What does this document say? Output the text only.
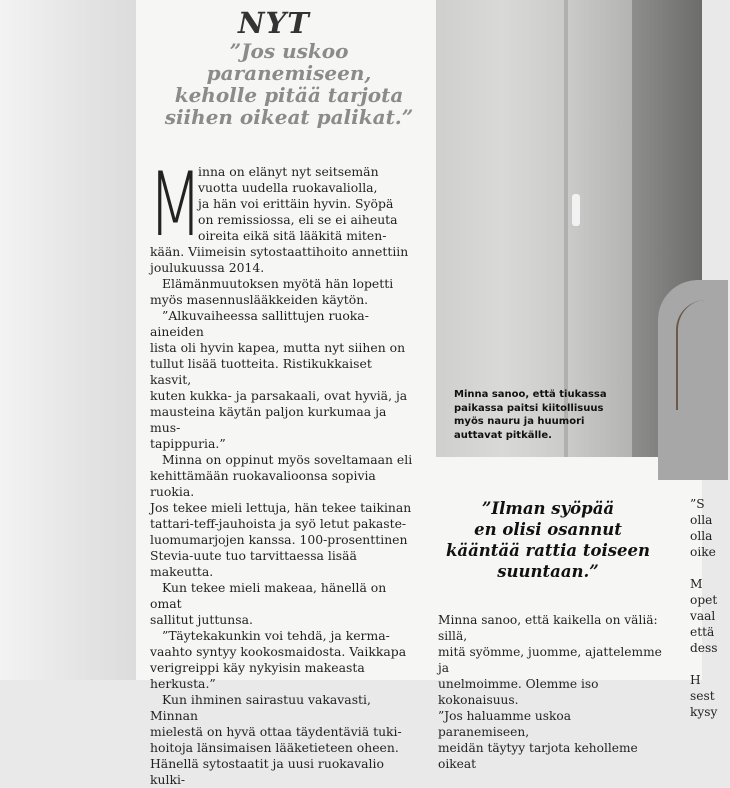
NYT
”Jos uskoo
paranemiseen,
keholle pitää tarjota
siihen oikeat palikat.”

M
inna on elänyt nyt seitsemän
vuotta uudella ruokavaliolla,
ja hän voi erittäin hyvin. Syöpä
on remissiossa, eli se ei aiheuta
oireita eikä sitä lääkitä miten-
kään. Viimeisin sytostaattihoito annettiin
joulukuussa 2014.

Elämänmuutoksen myötä hän lopetti
myös masennuslääkkeiden käytön.

”Alkuvaiheessa sallittujen ruoka-aineiden
lista oli hyvin kapea, mutta nyt siihen on
tullut lisää tuotteita. Ristikukkaiset kasvit,
kuten kukka- ja parsakaali, ovat hyviä, ja
mausteina käytän paljon kurkumaa ja mus-
tapippuria.”

Minna on oppinut myös soveltamaan eli
kehittämään ruokavalioonsa sopivia ruokia.
Jos tekee mieli lettuja, hän tekee taikinan
tattari-teff-jauhoista ja syö letut pakaste-
luomumarjojen kanssa. 100-prosenttinen
Stevia-uute tuo tarvittaessa lisää makeutta.

Kun tekee mieli makeaa, hänellä on omat
sallitut juttunsa.

”Täytekakunkin voi tehdä, ja kerma-
vaahto syntyy kookosmaidosta. Vaikkapa
verigreippi käy nykyisin makeasta herkusta.”

Kun ihminen sairastuu vakavasti, Minnan
mielestä on hyvä ottaa täydentäviä tuki-
hoitoja länsimaisen lääketieteen oheen.
Hänellä sytostaatit ja uusi ruokavalio kulki-

Minna sanoo, että tiukassa
paikassa paitsi kiitollisuus
myös nauru ja huumori
auttavat pitkälle.
”Ilman syöpää
en olisi osannut
kääntää rattia toiseen
suuntaan.”
Minna sanoo, että kaikella on väliä: sillä,
mitä syömme, juomme, ajattelemme ja
unelmoimme. Olemme iso kokonaisuus.
”Jos haluamme uskoa paranemiseen,
meidän täytyy tarjota keholleme oikeat
”S
olla
olla
oike

M
opet
vaal
että
dess

H
sest
kysy
